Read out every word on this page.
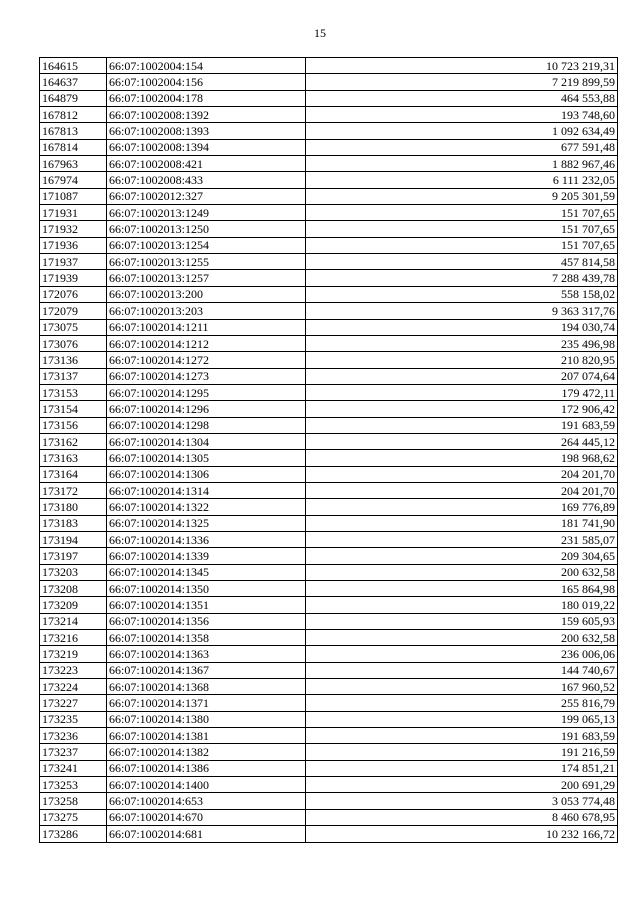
15
164615	66:07:1002004:154	10 723 219,31
164637	66:07:1002004:156	7 219 899,59
164879	66:07:1002004:178	464 553,88
167812	66:07:1002008:1392	193 748,60
167813	66:07:1002008:1393	1 092 634,49
167814	66:07:1002008:1394	677 591,48
167963	66:07:1002008:421	1 882 967,46
167974	66:07:1002008:433	6 111 232,05
171087	66:07:1002012:327	9 205 301,59
171931	66:07:1002013:1249	151 707,65
171932	66:07:1002013:1250	151 707,65
171936	66:07:1002013:1254	151 707,65
171937	66:07:1002013:1255	457 814,58
171939	66:07:1002013:1257	7 288 439,78
172076	66:07:1002013:200	558 158,02
172079	66:07:1002013:203	9 363 317,76
173075	66:07:1002014:1211	194 030,74
173076	66:07:1002014:1212	235 496,98
173136	66:07:1002014:1272	210 820,95
173137	66:07:1002014:1273	207 074,64
173153	66:07:1002014:1295	179 472,11
173154	66:07:1002014:1296	172 906,42
173156	66:07:1002014:1298	191 683,59
173162	66:07:1002014:1304	264 445,12
173163	66:07:1002014:1305	198 968,62
173164	66:07:1002014:1306	204 201,70
173172	66:07:1002014:1314	204 201,70
173180	66:07:1002014:1322	169 776,89
173183	66:07:1002014:1325	181 741,90
173194	66:07:1002014:1336	231 585,07
173197	66:07:1002014:1339	209 304,65
173203	66:07:1002014:1345	200 632,58
173208	66:07:1002014:1350	165 864,98
173209	66:07:1002014:1351	180 019,22
173214	66:07:1002014:1356	159 605,93
173216	66:07:1002014:1358	200 632,58
173219	66:07:1002014:1363	236 006,06
173223	66:07:1002014:1367	144 740,67
173224	66:07:1002014:1368	167 960,52
173227	66:07:1002014:1371	255 816,79
173235	66:07:1002014:1380	199 065,13
173236	66:07:1002014:1381	191 683,59
173237	66:07:1002014:1382	191 216,59
173241	66:07:1002014:1386	174 851,21
173253	66:07:1002014:1400	200 691,29
173258	66:07:1002014:653	3 053 774,48
173275	66:07:1002014:670	8 460 678,95
173286	66:07:1002014:681	10 232 166,72
